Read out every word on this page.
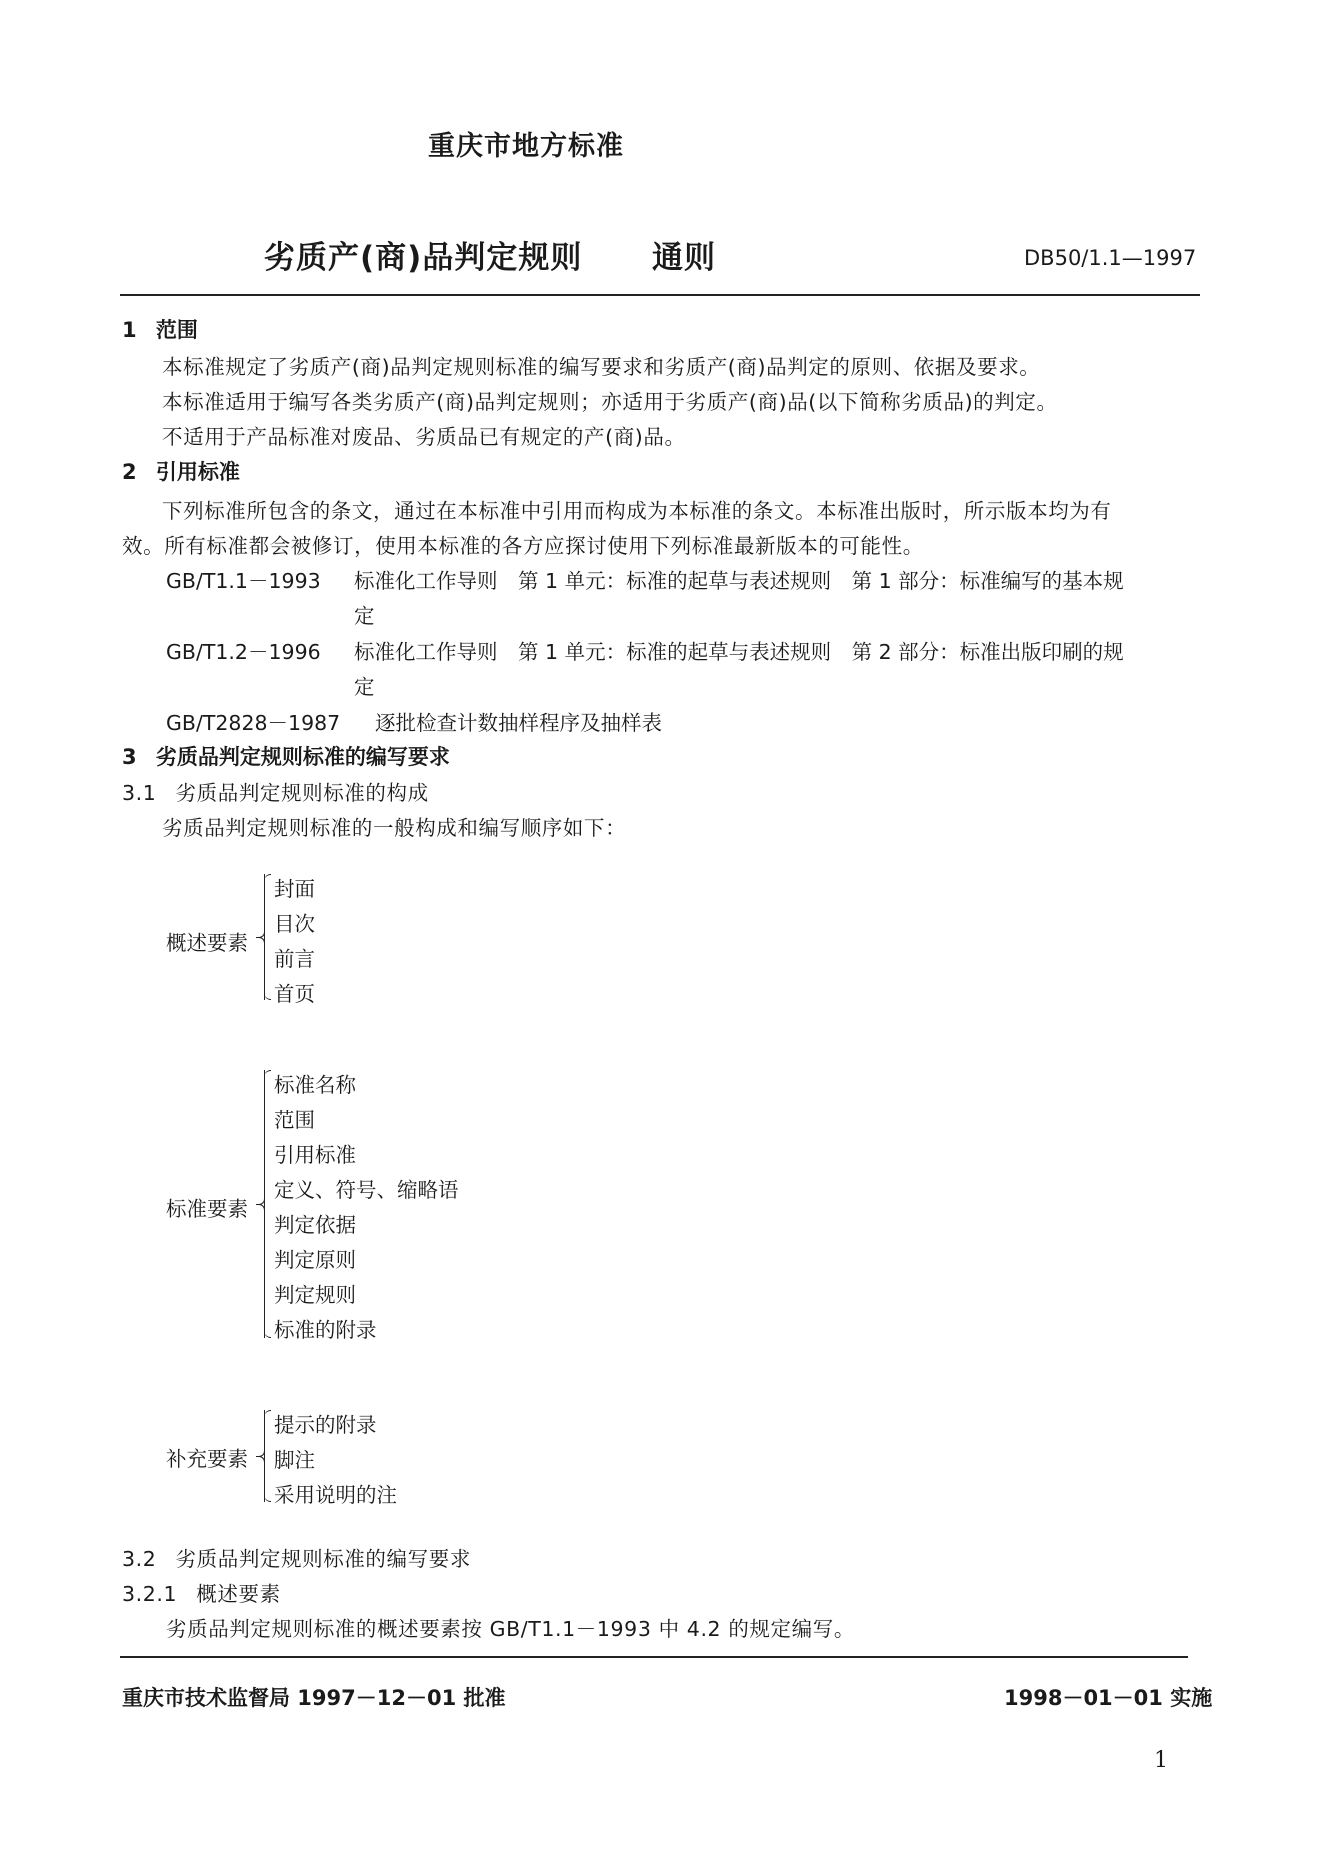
重庆市地方标准
劣质产(商)品判定规则 通则	DB50/1.1—1997
1 范围
本标准规定了劣质产(商)品判定规则标准的编写要求和劣质产(商)品判定的原则、依据及要求。
本标准适用于编写各类劣质产(商)品判定规则；亦适用于劣质产(商)品(以下简称劣质品)的判定。
不适用于产品标准对废品、劣质品已有规定的产(商)品。
2 引用标准
下列标准所包含的条文，通过在本标准中引用而构成为本标准的条文。本标准出版时，所示版本均为有
效。所有标准都会被修订，使用本标准的各方应探讨使用下列标准最新版本的可能性。
GB/T1.1－1993 标准化工作导则　第 1 单元：标准的起草与表述规则　第 1 部分：标准编写的基本规
定
GB/T1.2－1996 标准化工作导则　第 1 单元：标准的起草与表述规则　第 2 部分：标准出版印刷的规
定
GB/T2828－1987 逐批检查计数抽样程序及抽样表
3 劣质品判定规则标准的编写要求
3.1 劣质品判定规则标准的构成
劣质品判定规则标准的一般构成和编写顺序如下：
概述要素
封面
目次
前言
首页
标准要素
标准名称
范围
引用标准
定义、符号、缩略语
判定依据
判定原则
判定规则
标准的附录
补充要素
提示的附录
脚注
采用说明的注
3.2 劣质品判定规则标准的编写要求
3.2.1 概述要素
劣质品判定规则标准的概述要素按 GB/T1.1－1993 中 4.2 的规定编写。
重庆市技术监督局 1997－12－01 批准	1998－01－01 实施
1
